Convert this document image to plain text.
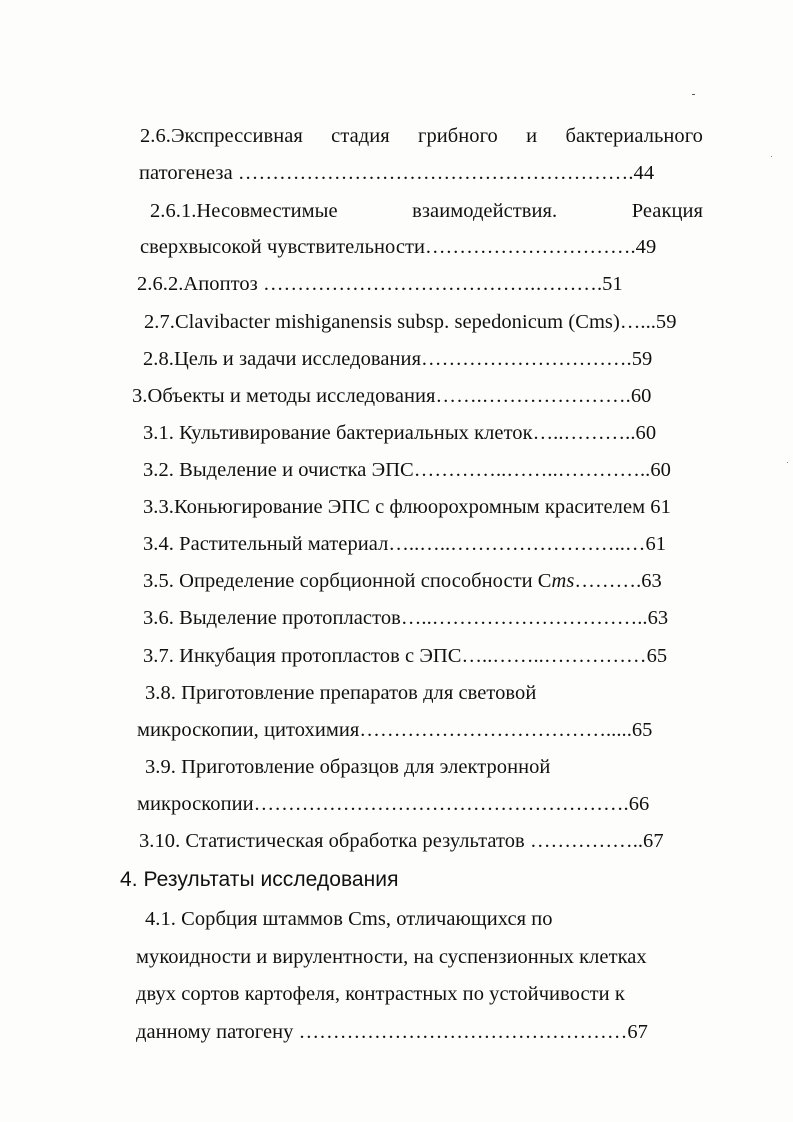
2.6.Экспрессивная стадия грибного и бактериального
патогенеза ………………………………………………….44
2.6.1.Несовместимые	взаимодействия.	Реакция
сверхвысокой чувствительности………………………….49
2.6.2.Апоптоз ………………………………….……….51
2.7.Clavibacter mishiganensis subsp. sepedonicum (Cms)…...59
2.8.Цель и задачи исследования………………………….59
3.Объекты и методы исследования…….………………….60
3.1. Культивирование бактериальных клеток…..………..60
3.2. Выделение и очистка ЭПС…………..……..…………..60
3.3.Коньюгирование ЭПС с флюорохромным красителем 61
3.4. Растительный материал…..…..……………………..…61
3.5. Определение сорбционной способности Cms……….63
3.6. Выделение протопластов…..…………………………..63
3.7. Инкубация протопластов с ЭПС…..……..……………65
3.8. Приготовление препаратов для световой
микроскопии, цитохимия……………………………….....65
3.9. Приготовление образцов для электронной
микроскопии……………………………………………….66
3.10. Статистическая обработка результатов ……………..67
4. Результаты исследования
4.1. Сорбция штаммов Cms, отличающихся по
мукоидности и вирулентности, на суспензионных клетках
двух сортов картофеля, контрастных по устойчивости к
данному патогену …………………………………………67
